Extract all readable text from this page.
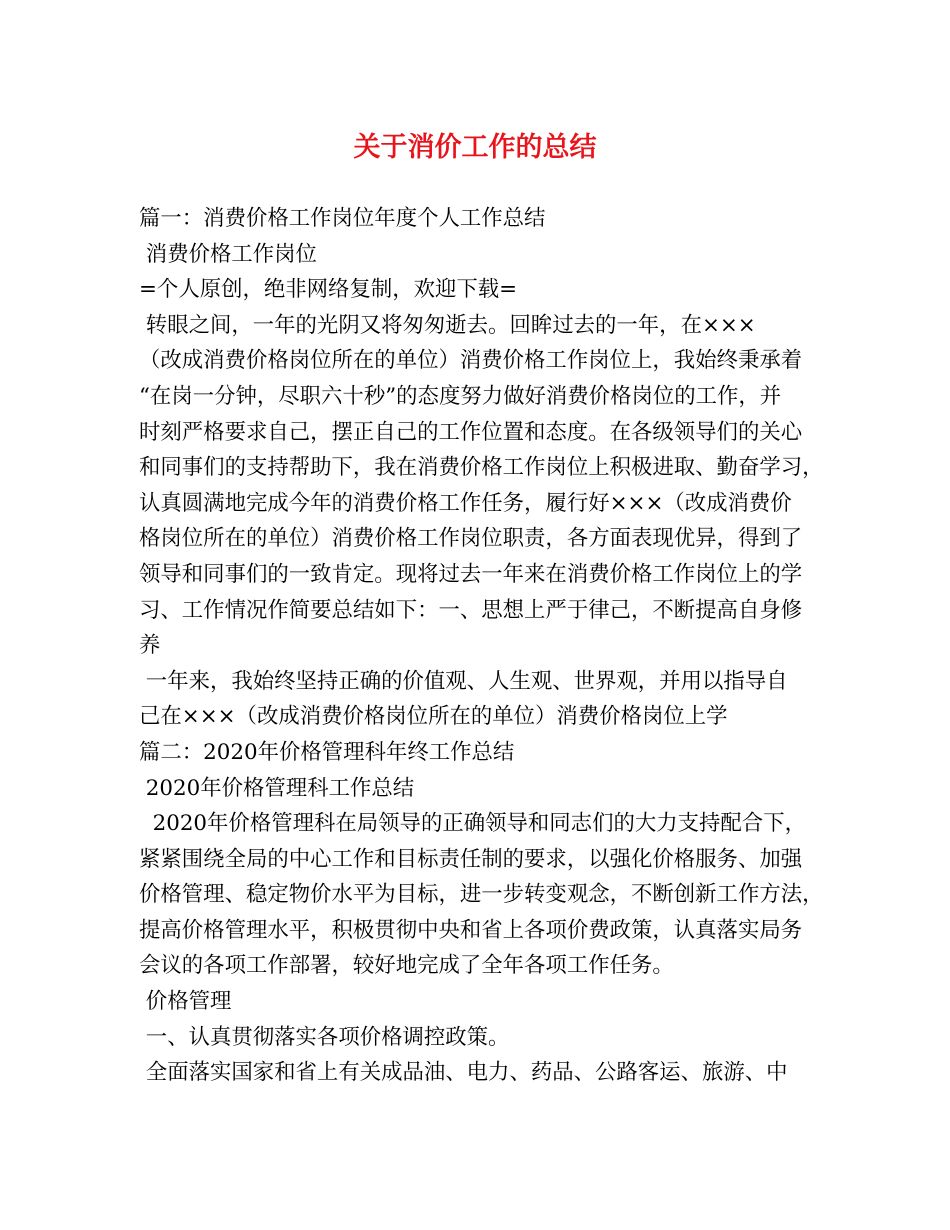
关于消价工作的总结
篇一：消费价格工作岗位年度个人工作总结
消费价格工作岗位
=个人原创，绝非网络复制，欢迎下载=
转眼之间，一年的光阴又将匆匆逝去。回眸过去的一年，在×××
（改成消费价格岗位所在的单位）消费价格工作岗位上，我始终秉承着
“在岗一分钟，尽职六十秒”的态度努力做好消费价格岗位的工作，并
时刻严格要求自己，摆正自己的工作位置和态度。在各级领导们的关心
和同事们的支持帮助下，我在消费价格工作岗位上积极进取、勤奋学习，
认真圆满地完成今年的消费价格工作任务，履行好×××（改成消费价
格岗位所在的单位）消费价格工作岗位职责，各方面表现优异，得到了
领导和同事们的一致肯定。现将过去一年来在消费价格工作岗位上的学
习、工作情况作简要总结如下：一、思想上严于律己，不断提高自身修
养
一年来，我始终坚持正确的价值观、人生观、世界观，并用以指导自
己在×××（改成消费价格岗位所在的单位）消费价格岗位上学
篇二：2020年价格管理科年终工作总结
2020年价格管理科工作总结
2020年价格管理科在局领导的正确领导和同志们的大力支持配合下，
紧紧围绕全局的中心工作和目标责任制的要求，以强化价格服务、加强
价格管理、稳定物价水平为目标，进一步转变观念，不断创新工作方法，
提高价格管理水平，积极贯彻中央和省上各项价费政策，认真落实局务
会议的各项工作部署，较好地完成了全年各项工作任务。
价格管理
一、认真贯彻落实各项价格调控政策。
全面落实国家和省上有关成品油、电力、药品、公路客运、旅游、中
